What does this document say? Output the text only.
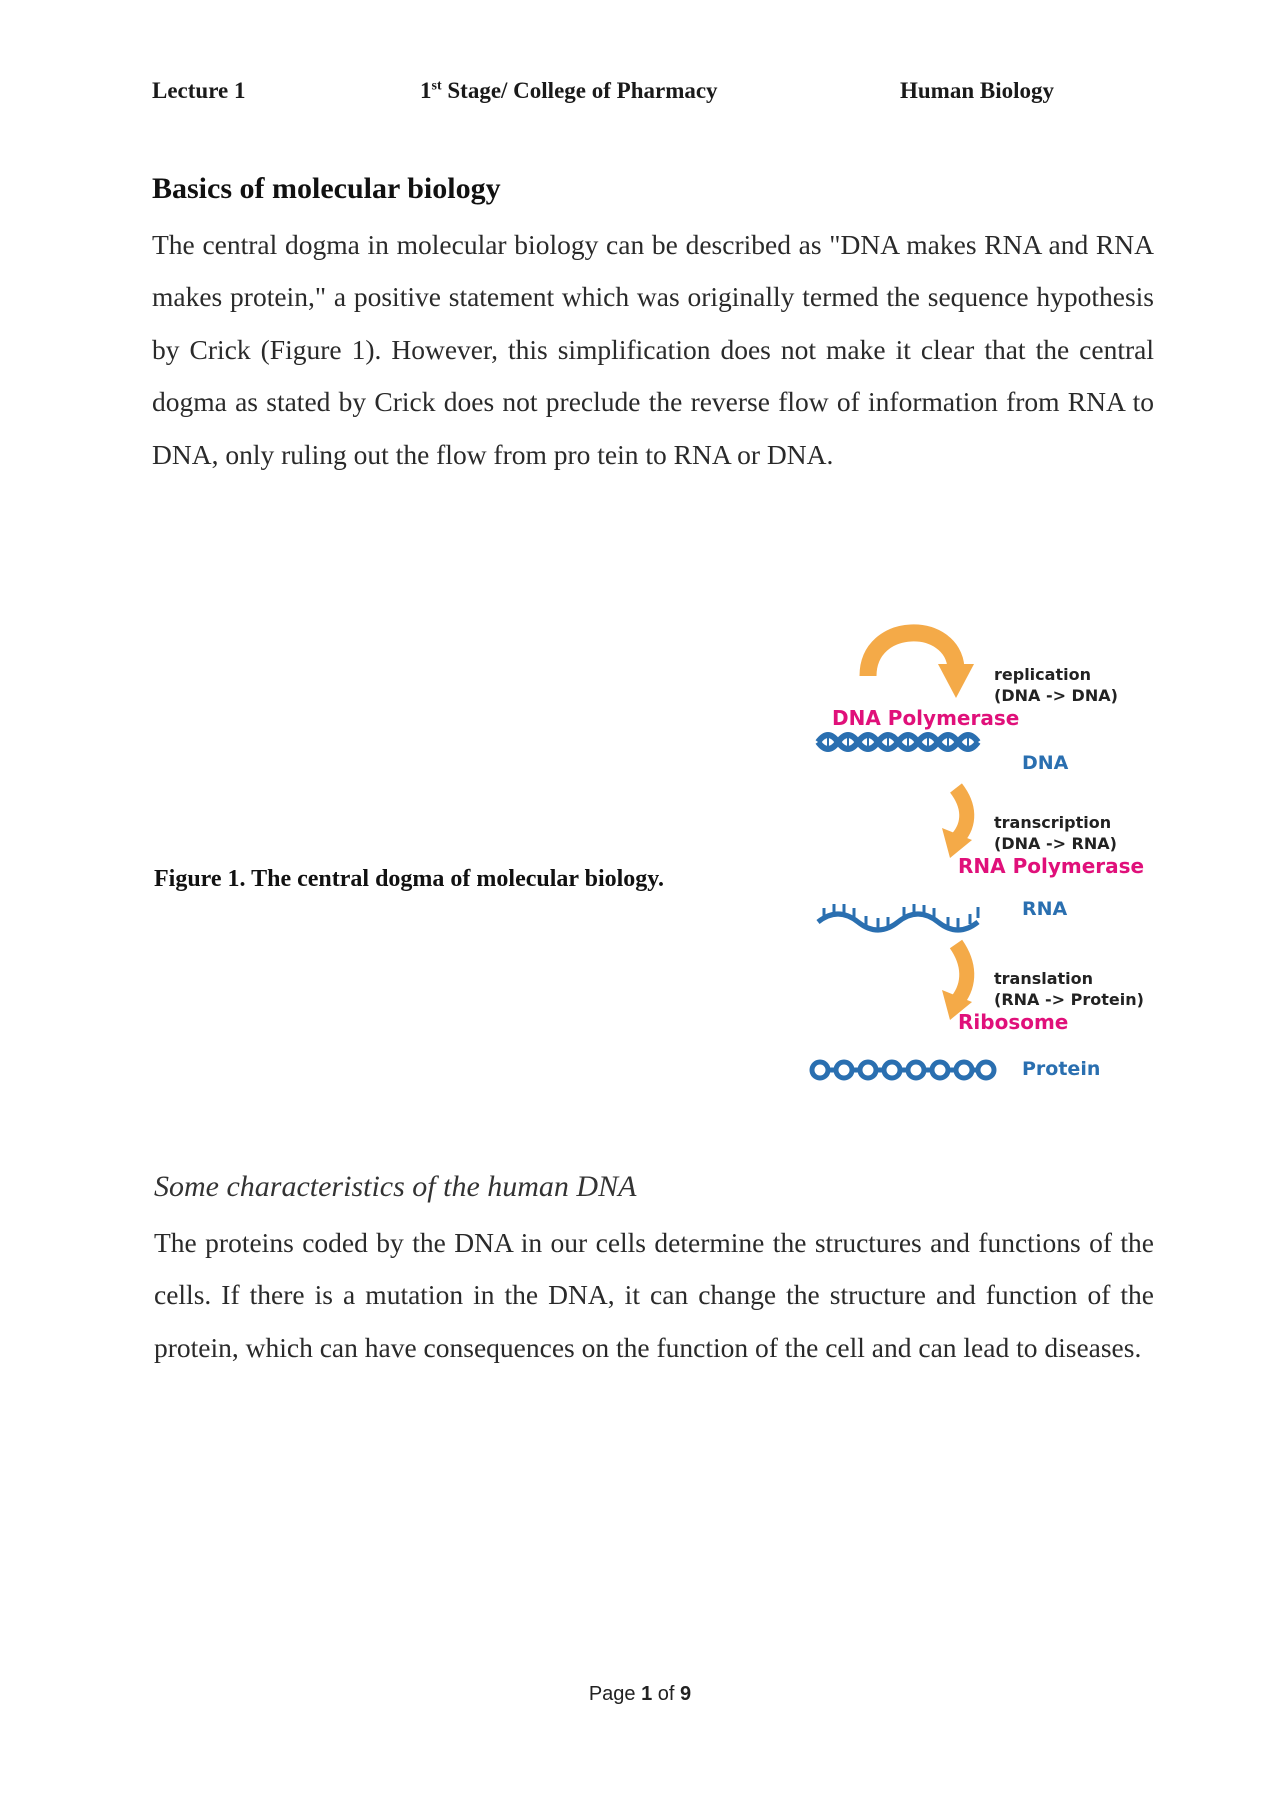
Lecture 1	1st Stage/ College of Pharmacy	Human Biology
Basics of molecular biology

The central dogma in molecular biology can be described as "DNA makes RNA and RNA makes protein," a positive statement which was originally termed the sequence hypothesis by Crick (Figure 1). However, this simplification does not make it clear that the central dogma as stated by Crick does not preclude the reverse flow of information from RNA to DNA, only ruling out the flow from pro tein to RNA or DNA.

Figure 1. The central dogma of molecular biology.
replication
(DNA -> DNA)
DNA Polymerase
DNA
transcription
(DNA -> RNA)
RNA Polymerase
RNA
translation
(RNA -> Protein)
Ribosome
Protein
Some characteristics of the human DNA

The proteins coded by the DNA in our cells determine the structures and functions of the cells. If there is a mutation in the DNA, it can change the structure and function of the protein, which can have consequences on the function of the cell and can lead to diseases.

Page 1 of 9
